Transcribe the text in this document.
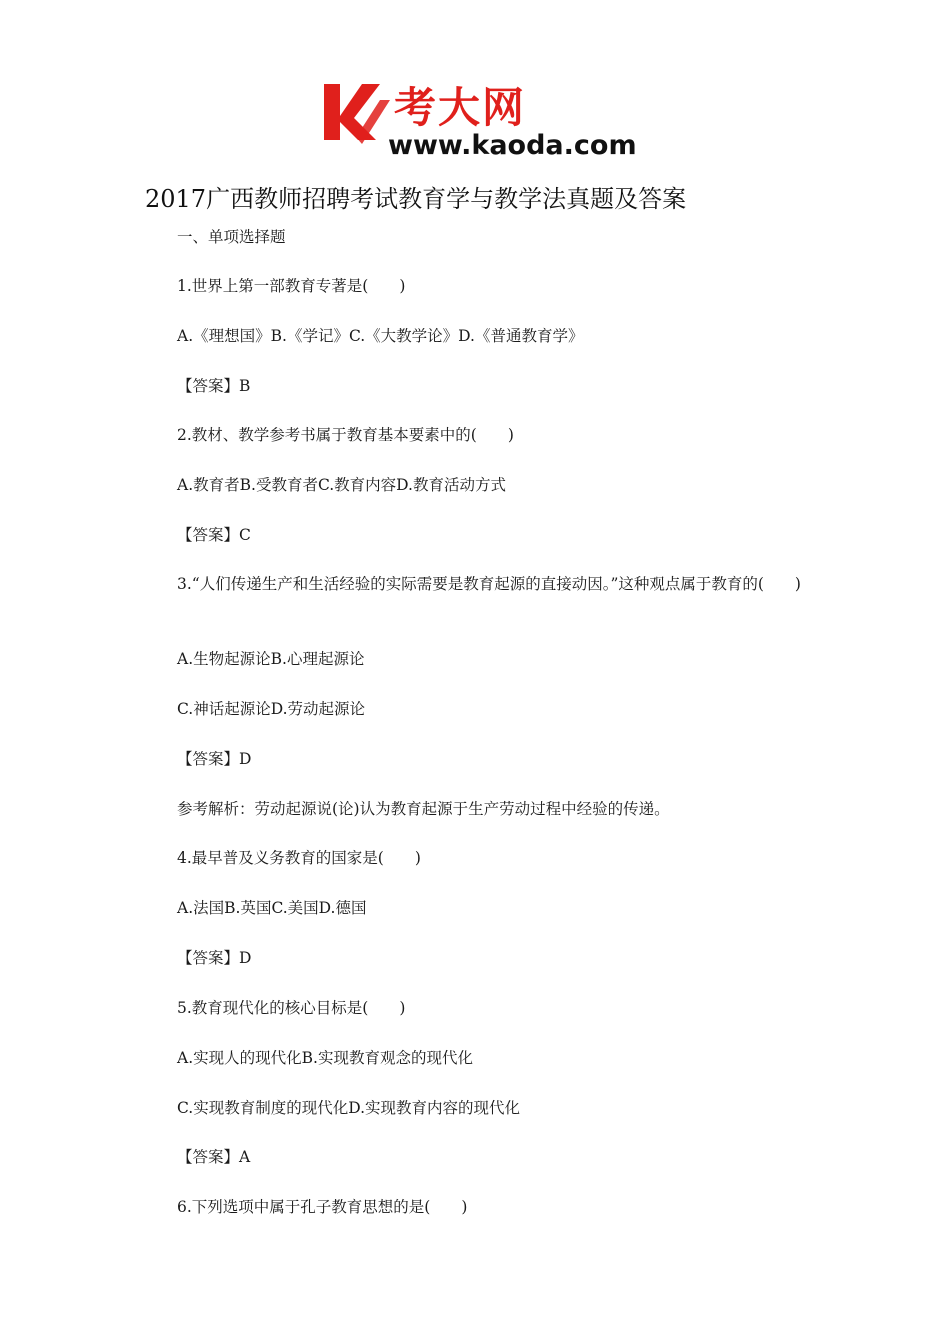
考大网
www.kaoda.com
2017广西教师招聘考试教育学与教学法真题及答案
一、单项选择题
1.世界上第一部教育专著是(　　)
A.《理想国》B.《学记》C.《大教学论》D.《普通教育学》
【答案】B
2.教材、教学参考书属于教育基本要素中的(　　)
A.教育者B.受教育者C.教育内容D.教育活动方式
【答案】C
3.“人们传递生产和生活经验的实际需要是教育起源的直接动因。”这种观点属于教育的(　　)
A.生物起源论B.心理起源论
C.神话起源论D.劳动起源论
【答案】D
参考解析：劳动起源说(论)认为教育起源于生产劳动过程中经验的传递。
4.最早普及义务教育的国家是(　　)
A.法国B.英国C.美国D.德国
【答案】D
5.教育现代化的核心目标是(　　)
A.实现人的现代化B.实现教育观念的现代化
C.实现教育制度的现代化D.实现教育内容的现代化
【答案】A
6.下列选项中属于孔子教育思想的是(　　)
